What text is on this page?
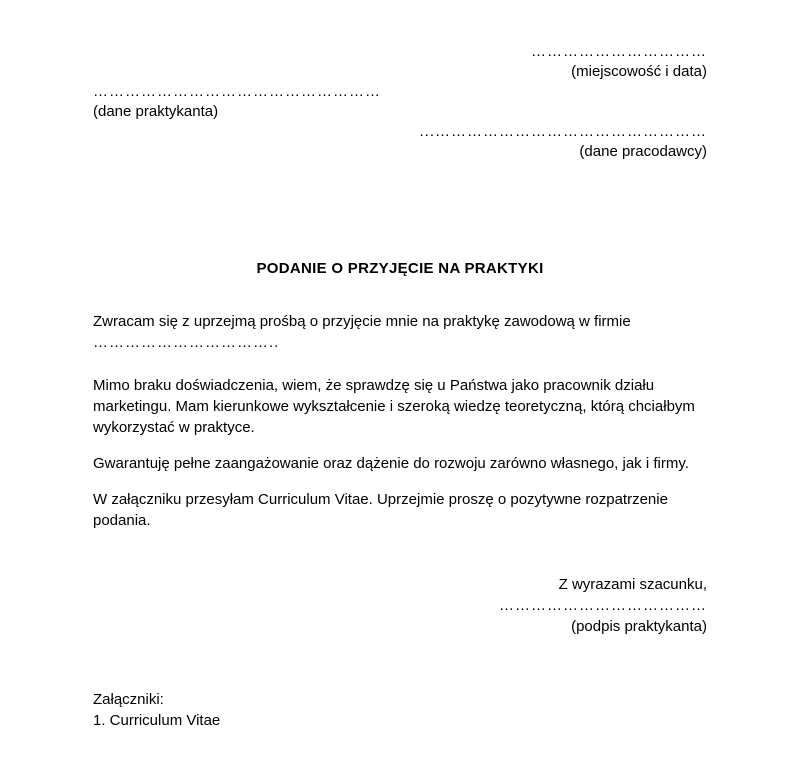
……………………………
(miejscowość i data)
………………………………………………
(dane praktykanta)
...……………………………………………
(dane pracodawcy)

PODANIE O PRZYJĘCIE NA PRAKTYKI

Zwracam się z uprzejmą prośbą o przyjęcie mnie na praktykę zawodową w firmie

……………………………..

Mimo braku doświadczenia, wiem, że sprawdzę się u Państwa jako pracownik działu marketingu. Mam kierunkowe wykształcenie i szeroką wiedzę teoretyczną, którą chciałbym wykorzystać w praktyce.

Gwarantuję pełne zaangażowanie oraz dążenie do rozwoju zarówno własnego, jak i firmy.

W załączniku przesyłam Curriculum Vitae. Uprzejmie proszę o pozytywne rozpatrzenie podania.

Z wyrazami szacunku,
…………………………………
(podpis praktykanta)
Załączniki:
1. Curriculum Vitae
